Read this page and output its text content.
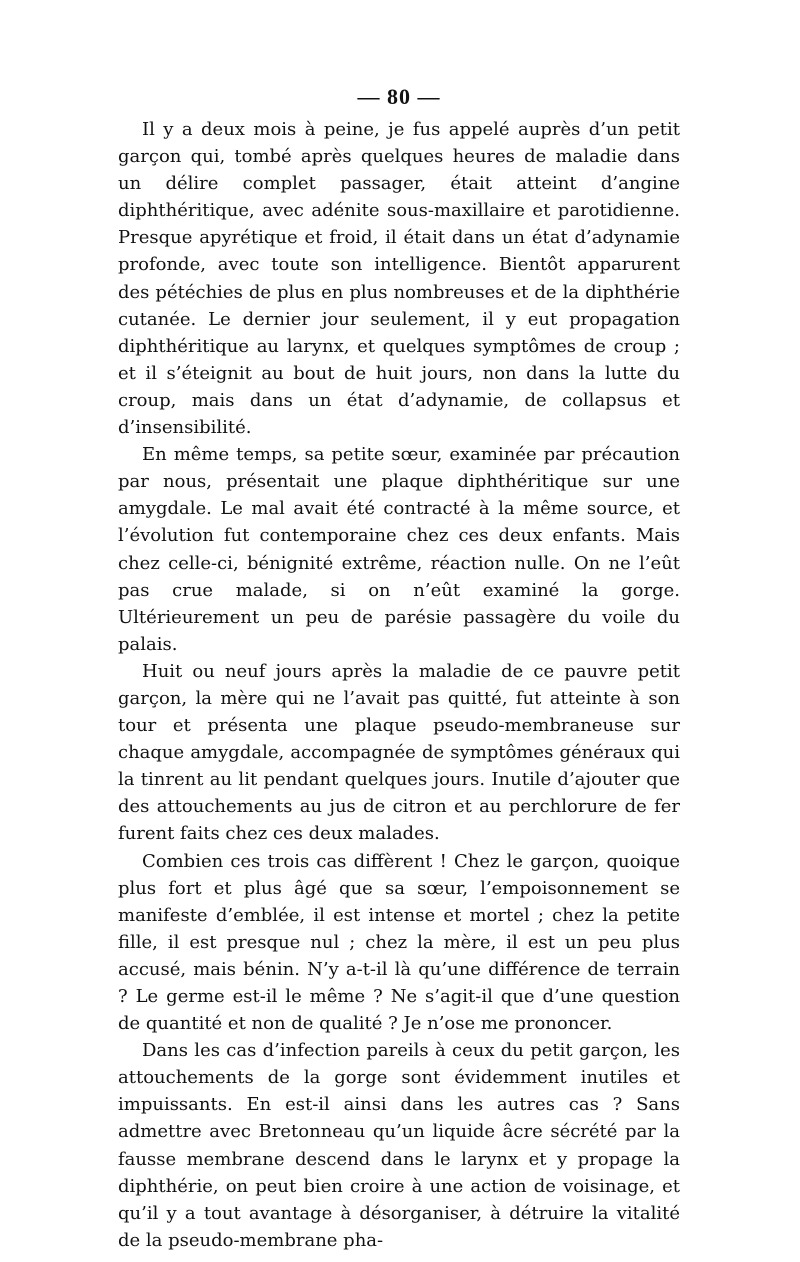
— 80 —

Il y a deux mois à peine, je fus appelé auprès d’un petit garçon qui, tombé après quelques heures de maladie dans un délire complet passager, était atteint d’angine diphthéritique, avec adénite sous-maxillaire et parotidienne. Presque apyrétique et froid, il était dans un état d’adynamie profonde, avec toute son intelligence. Bientôt apparurent des pétéchies de plus en plus nombreuses et de la diphthérie cutanée. Le dernier jour seulement, il y eut propagation diphthéritique au larynx, et quelques symptômes de croup ; et il s’éteignit au bout de huit jours, non dans la lutte du croup, mais dans un état d’adynamie, de collapsus et d’insensibilité.

En même temps, sa petite sœur, examinée par précaution par nous, présentait une plaque diphthéritique sur une amygdale. Le mal avait été contracté à la même source, et l’évolution fut contemporaine chez ces deux enfants. Mais chez celle-ci, bénignité extrême, réaction nulle. On ne l’eût pas crue malade, si on n’eût examiné la gorge. Ultérieurement un peu de parésie passagère du voile du palais.

Huit ou neuf jours après la maladie de ce pauvre petit garçon, la mère qui ne l’avait pas quitté, fut atteinte à son tour et présenta une plaque pseudo-membraneuse sur chaque amygdale, accompagnée de symptômes généraux qui la tinrent au lit pendant quelques jours. Inutile d’ajouter que des attouchements au jus de citron et au perchlorure de fer furent faits chez ces deux malades.

Combien ces trois cas diffèrent ! Chez le garçon, quoique plus fort et plus âgé que sa sœur, l’empoisonnement se manifeste d’emblée, il est intense et mortel ; chez la petite fille, il est presque nul ; chez la mère, il est un peu plus accusé, mais bénin. N’y a-t-il là qu’une différence de terrain ? Le germe est-il le même ? Ne s’agit-il que d’une question de quantité et non de qualité ? Je n’ose me prononcer.

Dans les cas d’infection pareils à ceux du petit garçon, les attouchements de la gorge sont évidemment inutiles et impuissants. En est-il ainsi dans les autres cas ? Sans admettre avec Bretonneau qu’un liquide âcre sécrété par la fausse membrane descend dans le larynx et y propage la diphthérie, on peut bien croire à une action de voisinage, et qu’il y a tout avantage à désorganiser, à détruire la vitalité de la pseudo-membrane pha-
